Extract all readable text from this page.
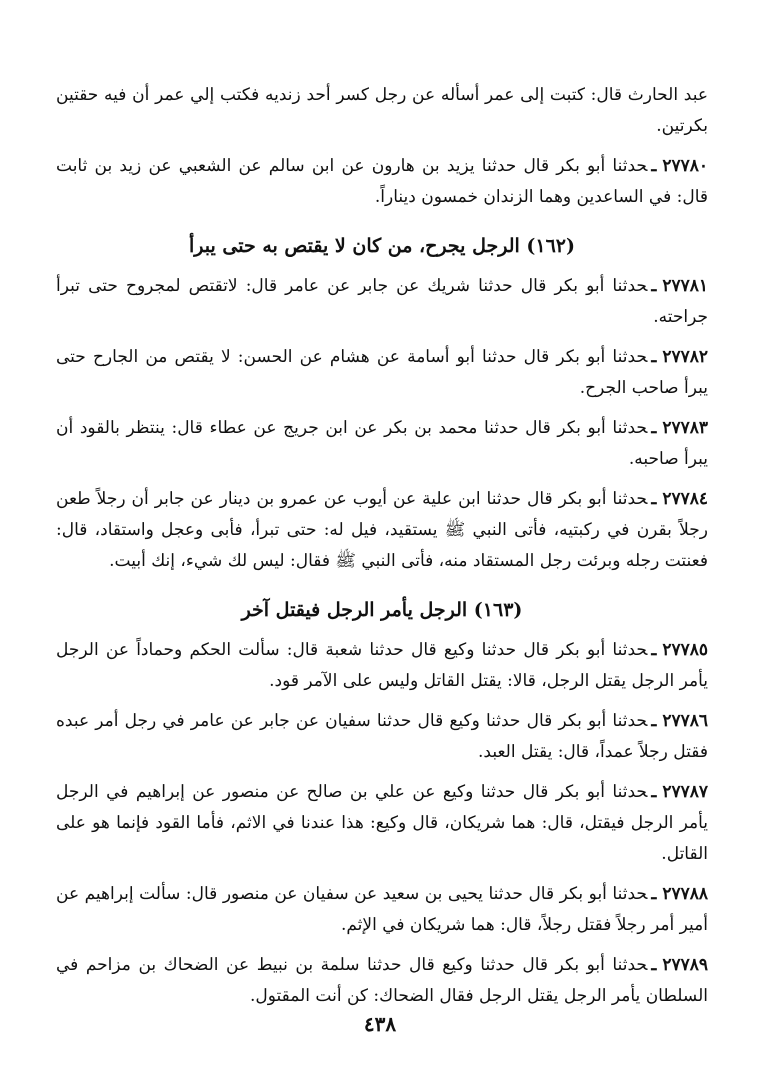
عبد الحارث قال: كتبت إلى عمر أسأله عن رجل كسر أحد زنديه فكتب إلي عمر أن فيه حقتين بكرتين.

٢٧٧٨٠ـحدثنا أبو بكر قال حدثنا يزيد بن هارون عن ابن سالم عن الشعبي عن زيد بن ثابت قال: في الساعدين وهما الزندان خمسون ديناراً.

(١٦٢) الرجل يجرح، من كان لا يقتص به حتى يبرأ

٢٧٧٨١ـحدثنا أبو بكر قال حدثنا شريك عن جابر عن عامر قال: لاتقتص لمجروح حتى تبرأ جراحته.

٢٧٧٨٢ـحدثنا أبو بكر قال حدثنا أبو أسامة عن هشام عن الحسن: لا يقتص من الجارح حتى يبرأ صاحب الجرح.

٢٧٧٨٣ـحدثنا أبو بكر قال حدثنا محمد بن بكر عن ابن جريج عن عطاء قال: ينتظر بالقود أن يبرأ صاحبه.

٢٧٧٨٤ـحدثنا أبو بكر قال حدثنا ابن علية عن أيوب عن عمرو بن دينار عن جابر أن رجلاً طعن رجلاً بقرن في ركبتيه، فأتى النبي ﷺ يستقيد، فيل له: حتى تبرأ، فأبى وعجل واستقاد، قال: فعنتت رجله وبرئت رجل المستقاد منه، فأتى النبي ﷺ فقال: ليس لك شيء، إنك أبيت.

(١٦٣) الرجل يأمر الرجل فيقتل آخر

٢٧٧٨٥ـحدثنا أبو بكر قال حدثنا وكيع قال حدثنا شعبة قال: سألت الحكم وحماداً عن الرجل يأمر الرجل يقتل الرجل، قالا: يقتل القاتل وليس على الآمر قود.

٢٧٧٨٦ـحدثنا أبو بكر قال حدثنا وكيع قال حدثنا سفيان عن جابر عن عامر في رجل أمر عبده فقتل رجلاً عمداً، قال: يقتل العبد.

٢٧٧٨٧ـحدثنا أبو بكر قال حدثنا وكيع عن علي بن صالح عن منصور عن إبراهيم في الرجل يأمر الرجل فيقتل، قال: هما شريكان، قال وكيع: هذا عندنا في الاثم، فأما القود فإنما هو على القاتل.

٢٧٧٨٨ـحدثنا أبو بكر قال حدثنا يحيى بن سعيد عن سفيان عن منصور قال: سألت إبراهيم عن أمير أمر رجلاً فقتل رجلاً، قال: هما شريكان في الإثم.

٢٧٧٨٩ـحدثنا أبو بكر قال حدثنا وكيع قال حدثنا سلمة بن نبيط عن الضحاك بن مزاحم في السلطان يأمر الرجل يقتل الرجل فقال الضحاك: كن أنت المقتول.

٤٣٨
